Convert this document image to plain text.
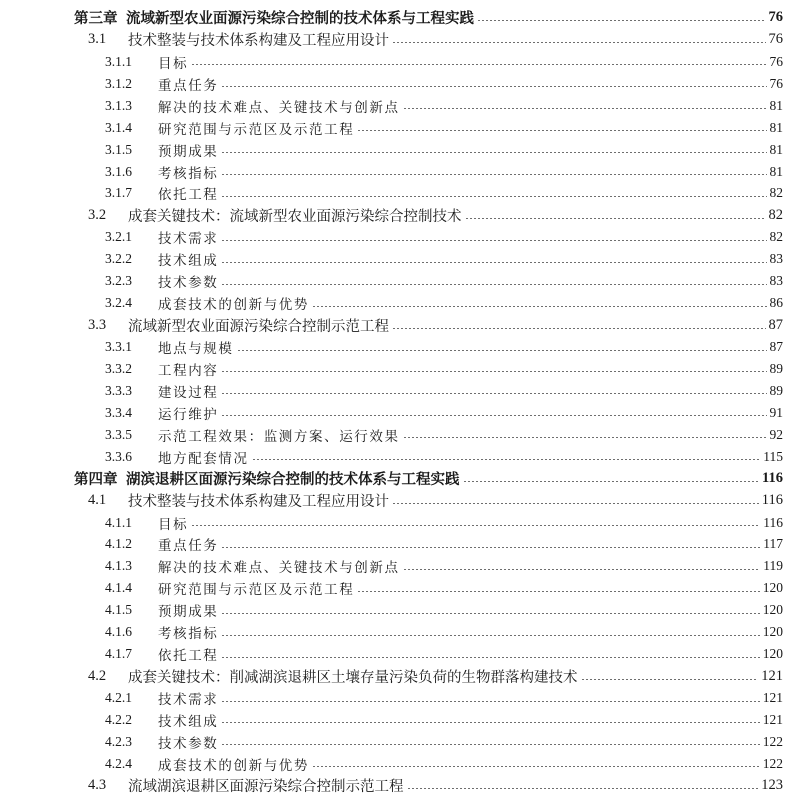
第三章 流域新型农业面源污染综合控制的技术体系与工程实践	76
3.1	技术整装与技术体系构建及工程应用设计	76
3.1.1	目标	76
3.1.2	重点任务	76
3.1.3	解决的技术难点、关键技术与创新点	81
3.1.4	研究范围与示范区及示范工程	81
3.1.5	预期成果	81
3.1.6	考核指标	81
3.1.7	依托工程	82
3.2	成套关键技术：流域新型农业面源污染综合控制技术	82
3.2.1	技术需求	82
3.2.2	技术组成	83
3.2.3	技术参数	83
3.2.4	成套技术的创新与优势	86
3.3	流域新型农业面源污染综合控制示范工程	87
3.3.1	地点与规模	87
3.3.2	工程内容	89
3.3.3	建设过程	89
3.3.4	运行维护	91
3.3.5	示范工程效果：监测方案、运行效果	92
3.3.6	地方配套情况	115
第四章 湖滨退耕区面源污染综合控制的技术体系与工程实践	116
4.1	技术整装与技术体系构建及工程应用设计	116
4.1.1	目标	116
4.1.2	重点任务	117
4.1.3	解决的技术难点、关键技术与创新点	119
4.1.4	研究范围与示范区及示范工程	120
4.1.5	预期成果	120
4.1.6	考核指标	120
4.1.7	依托工程	120
4.2	成套关键技术：削减湖滨退耕区土壤存量污染负荷的生物群落构建技术	121
4.2.1	技术需求	121
4.2.2	技术组成	121
4.2.3	技术参数	122
4.2.4	成套技术的创新与优势	122
4.3	流域湖滨退耕区面源污染综合控制示范工程	123
